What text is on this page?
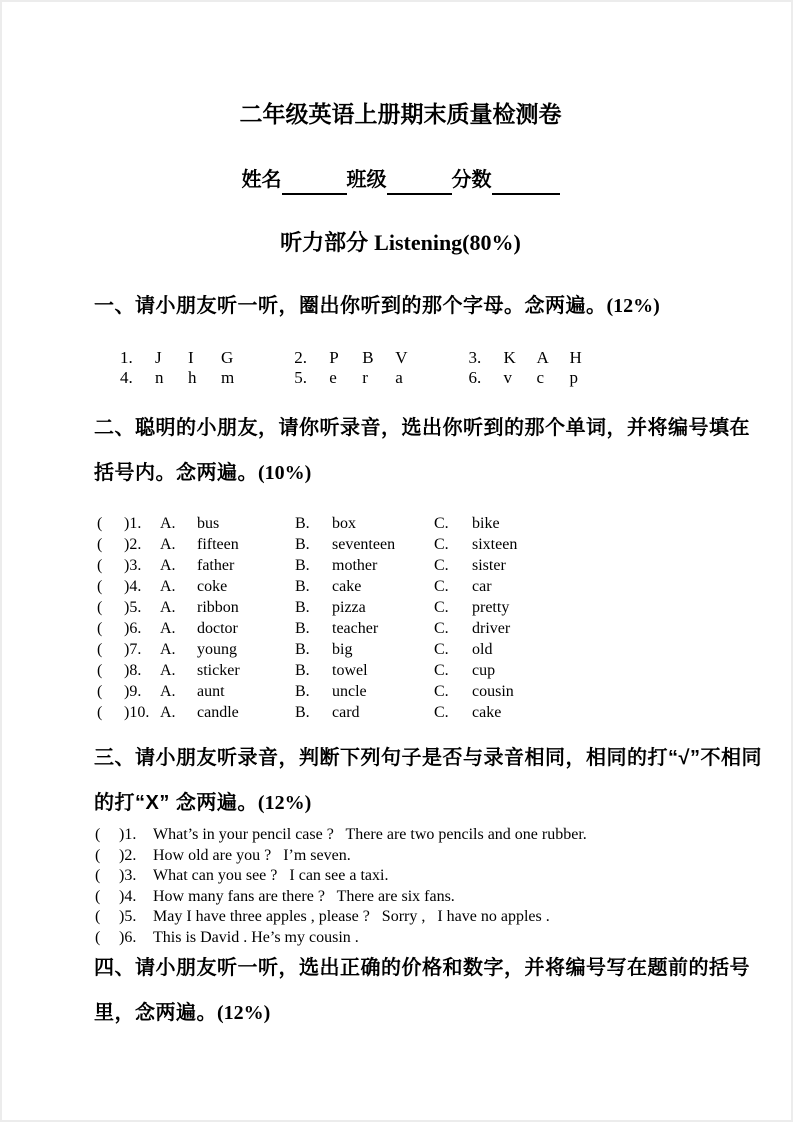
二年级英语上册期末质量检测卷
姓名	班级	分数
听力部分 Listening(80%)
一、请小朋友听一听，圈出你听到的那个字母。念两遍。(12%)
1. J I G	2. P B V	3. K A H
4. n h m	5. e r a	6. v c p
二、聪明的小朋友，请你听录音，选出你听到的那个单词，并将编号填在
括号内。念两遍。(10%)
(	)1.	A.	bus	B.	box	C.	bike
(	)2.	A.	fifteen	B.	seventeen	C.	sixteen
(	)3.	A.	father	B.	mother	C.	sister
(	)4.	A.	coke	B.	cake	C.	car
(	)5.	A.	ribbon	B.	pizza	C.	pretty
(	)6.	A.	doctor	B.	teacher	C.	driver
(	)7.	A.	young	B.	big	C.	old
(	)8.	A.	sticker	B.	towel	C.	cup
(	)9.	A.	aunt	B.	uncle	C.	cousin
(	)10. A.	candle	B.	card	C.	cake
三、请小朋友听录音，判断下列句子是否与录音相同，相同的打“√”不相同
的打“X” 念两遍。(12%)
(	)1.	What’s in your pencil case ?   There are two pencils and one rubber.
(	)2.	How old are you ?   I’m seven.
(	)3.	What can you see ?   I can see a taxi.
(	)4.	How many fans are there ?   There are six fans.
(	)5.	May I have three apples , please ?   Sorry ,   I have no apples .
(	)6.	This is David . He’s my cousin .
四、请小朋友听一听，选出正确的价格和数字，并将编号写在题前的括号
里，念两遍。(12%)
